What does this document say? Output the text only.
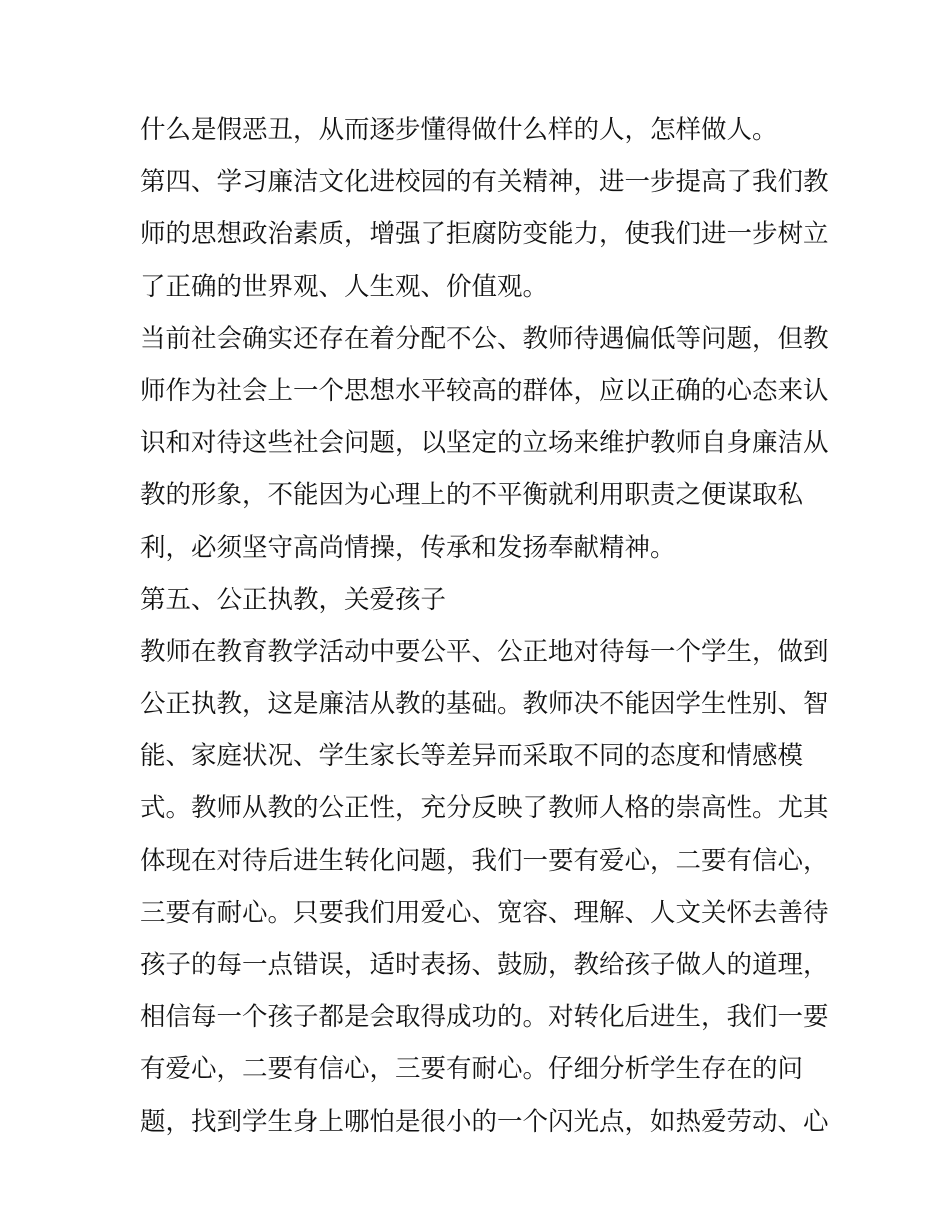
什么是假恶丑，从而逐步懂得做什么样的人，怎样做人。
第四、学习廉洁文化进校园的有关精神，进一步提高了我们教
师的思想政治素质，增强了拒腐防变能力，使我们进一步树立
了正确的世界观、人生观、价值观。
当前社会确实还存在着分配不公、教师待遇偏低等问题，但教
师作为社会上一个思想水平较高的群体，应以正确的心态来认
识和对待这些社会问题，以坚定的立场来维护教师自身廉洁从
教的形象，不能因为心理上的不平衡就利用职责之便谋取私
利，必须坚守高尚情操，传承和发扬奉献精神。
第五、公正执教，关爱孩子
教师在教育教学活动中要公平、公正地对待每一个学生，做到
公正执教，这是廉洁从教的基础。教师决不能因学生性别、智
能、家庭状况、学生家长等差异而采取不同的态度和情感模
式。教师从教的公正性，充分反映了教师人格的崇高性。尤其
体现在对待后进生转化问题，我们一要有爱心，二要有信心，
三要有耐心。只要我们用爱心、宽容、理解、人文关怀去善待
孩子的每一点错误，适时表扬、鼓励，教给孩子做人的道理，
相信每一个孩子都是会取得成功的。对转化后进生，我们一要
有爱心，二要有信心，三要有耐心。仔细分析学生存在的问
题，找到学生身上哪怕是很小的一个闪光点，如热爱劳动、心
